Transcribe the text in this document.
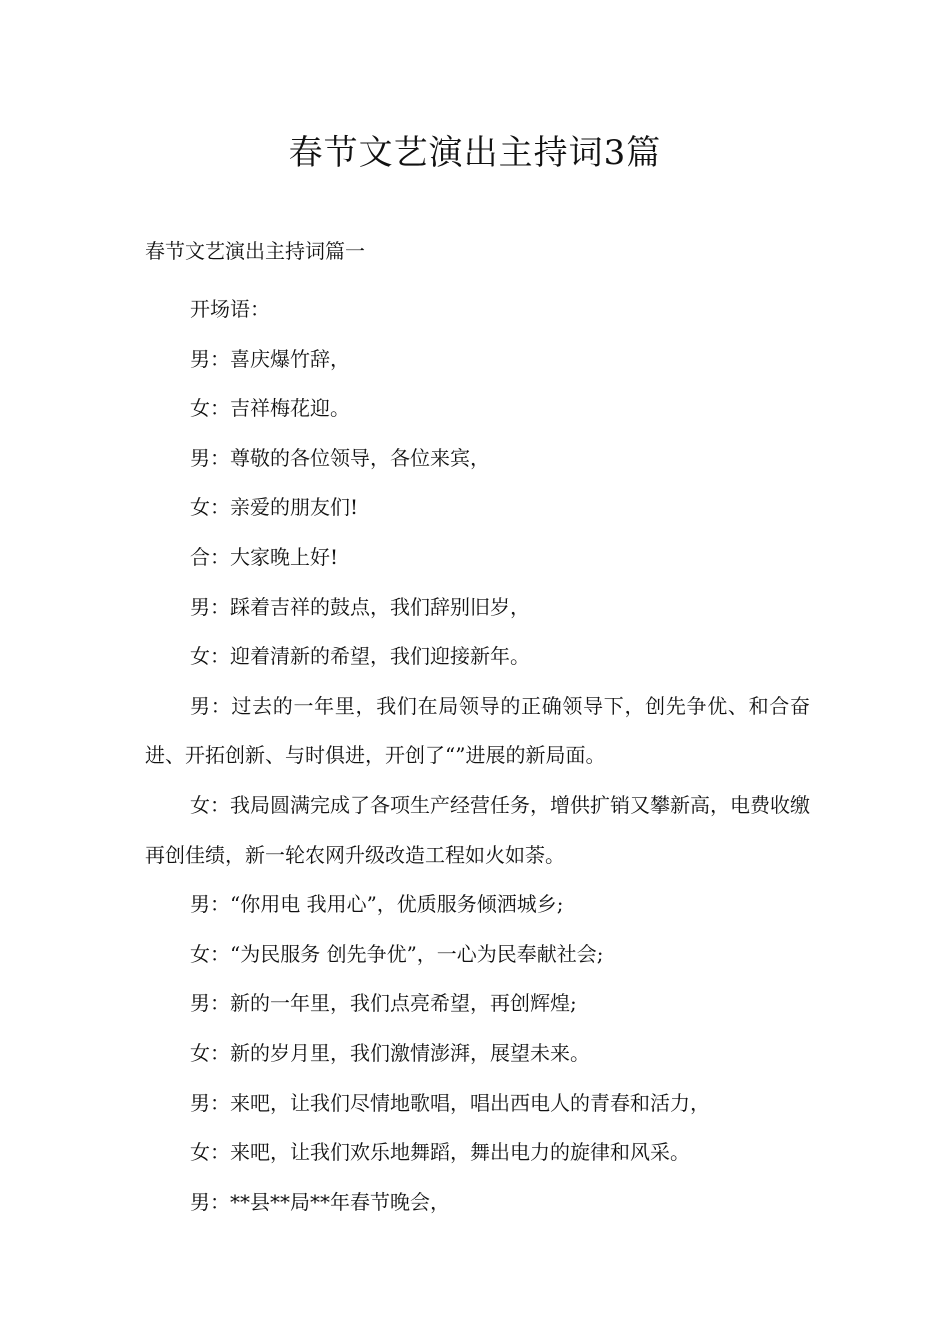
春节文艺演出主持词3篇
春节文艺演出主持词篇一

开场语：

男：喜庆爆竹辞，

女：吉祥梅花迎。

男：尊敬的各位领导，各位来宾，

女：亲爱的朋友们!

合：大家晚上好!

男：踩着吉祥的鼓点，我们辞别旧岁，

女：迎着清新的希望，我们迎接新年。

男：过去的一年里，我们在局领导的正确领导下，创先争优、和合奋进、开拓创新、与时俱进，开创了“”进展的新局面。

女：我局圆满完成了各项生产经营任务，增供扩销又攀新高，电费收缴再创佳绩，新一轮农网升级改造工程如火如荼。

男：“你用电 我用心”，优质服务倾洒城乡;

女：“为民服务 创先争优”，一心为民奉献社会;

男：新的一年里，我们点亮希望，再创辉煌;

女：新的岁月里，我们激情澎湃，展望未来。

男：来吧，让我们尽情地歌唱，唱出西电人的青春和活力，

女：来吧，让我们欢乐地舞蹈，舞出电力的旋律和风采。

男：**县**局**年春节晚会，
